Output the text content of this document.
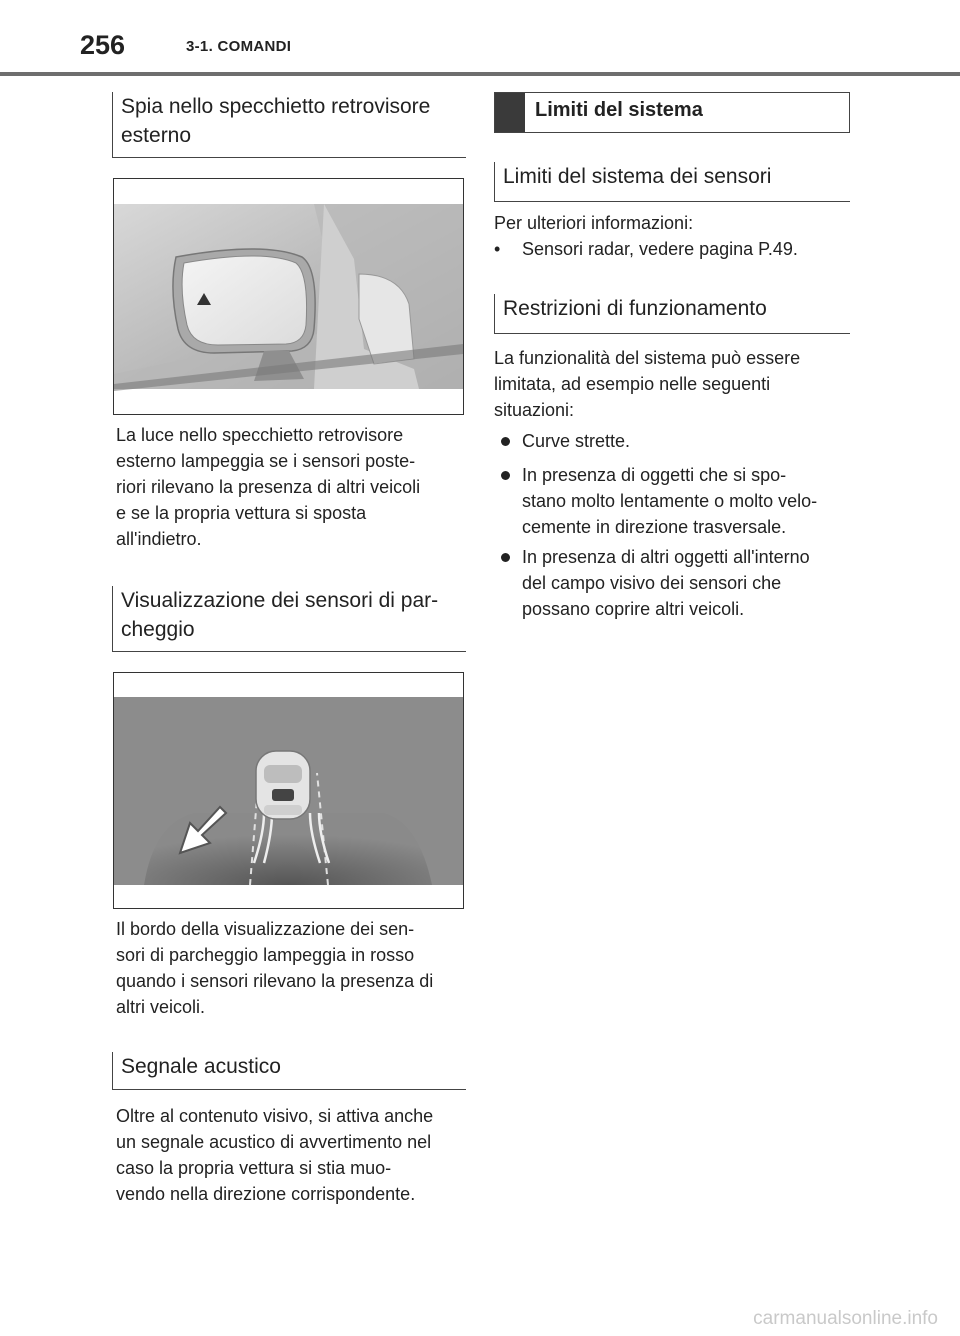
256	3-1. COMANDI
Spia nello specchietto retrovisore
esterno

La luce nello specchietto retrovisore

esterno lampeggia se i sensori poste-

riori rilevano la presenza di altri veicoli

e se la propria vettura si sposta

all'indietro.

Visualizzazione dei sensori di par-
cheggio

Il bordo della visualizzazione dei sen-

sori di parcheggio lampeggia in rosso

quando i sensori rilevano la presenza di

altri veicoli.

Segnale acustico

Oltre al contenuto visivo, si attiva anche

un segnale acustico di avvertimento nel

caso la propria vettura si stia muo-

vendo nella direzione corrispondente.

Limiti del sistema
Limiti del sistema dei sensori

Per ulteriori informazioni:

• Sensori radar, vedere pagina P.49.
Restrizioni di funzionamento

La funzionalità del sistema può essere

limitata, ad esempio nelle seguenti

situazioni:

Curve strette.
In presenza di oggetti che si spo-
stano molto lentamente o molto velo-
cemente in direzione trasversale.
In presenza di altri oggetti all'interno
del campo visivo dei sensori che
possano coprire altri veicoli.
carmanualsonline.info
